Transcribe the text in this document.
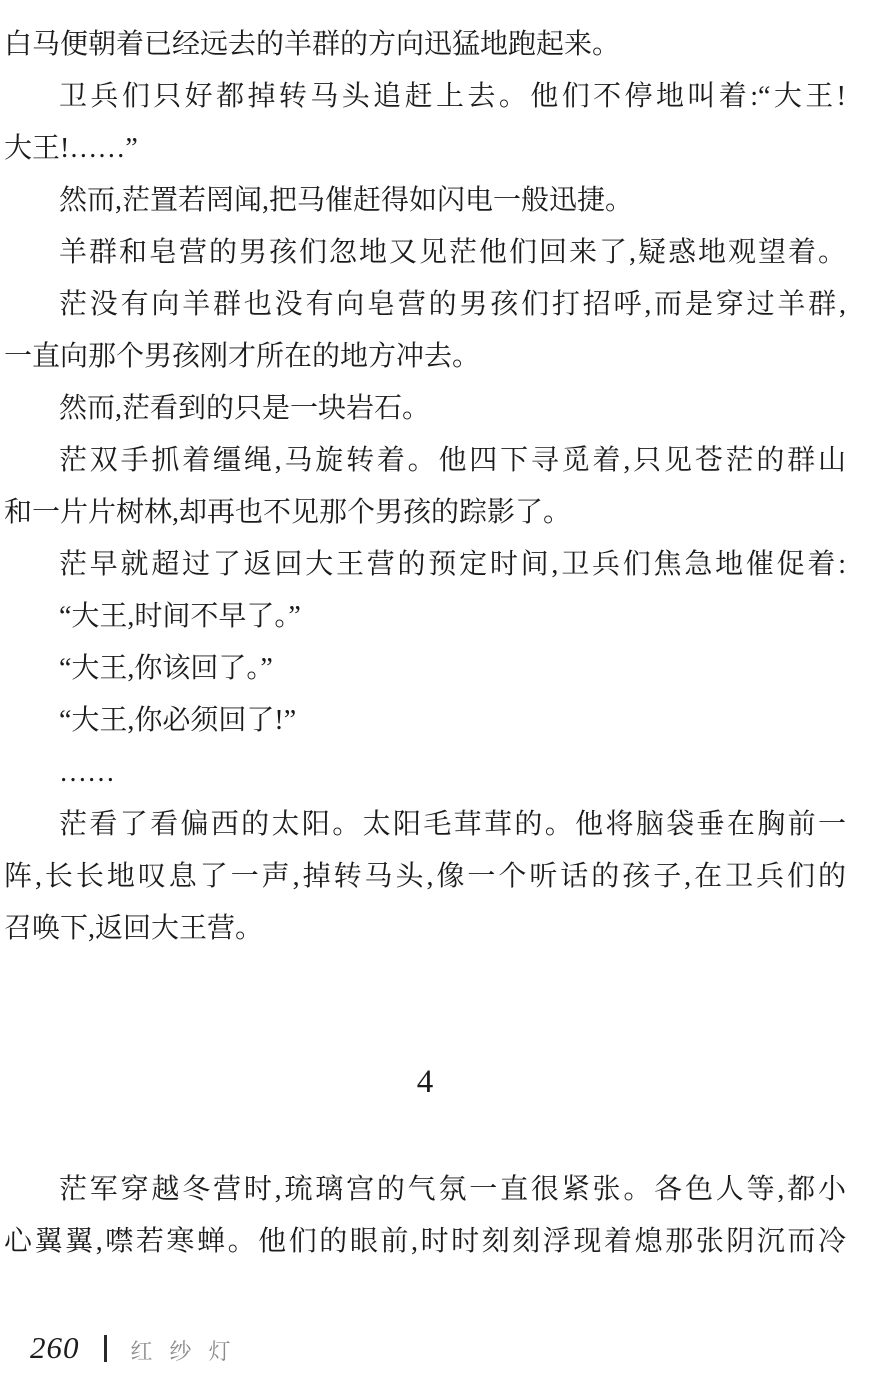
白马便朝着已经远去的羊群的方向迅猛地跑起来。
卫兵们只好都掉转马头追赶上去。他们不停地叫着:“大王!
大王!……”
然而,茫置若罔闻,把马催赶得如闪电一般迅捷。
羊群和皂营的男孩们忽地又见茫他们回来了,疑惑地观望着。
茫没有向羊群也没有向皂营的男孩们打招呼,而是穿过羊群,
一直向那个男孩刚才所在的地方冲去。
然而,茫看到的只是一块岩石。
茫双手抓着缰绳,马旋转着。他四下寻觅着,只见苍茫的群山
和一片片树林,却再也不见那个男孩的踪影了。
茫早就超过了返回大王营的预定时间,卫兵们焦急地催促着:
“大王,时间不早了。”
“大王,你该回了。”
“大王,你必须回了!”
……
茫看了看偏西的太阳。太阳毛茸茸的。他将脑袋垂在胸前一
阵,长长地叹息了一声,掉转马头,像一个听话的孩子,在卫兵们的
召唤下,返回大王营。
4
茫军穿越冬营时,琉璃宫的气氛一直很紧张。各色人等,都小
心翼翼,噤若寒蝉。他们的眼前,时时刻刻浮现着熄那张阴沉而冷
260 红纱灯
